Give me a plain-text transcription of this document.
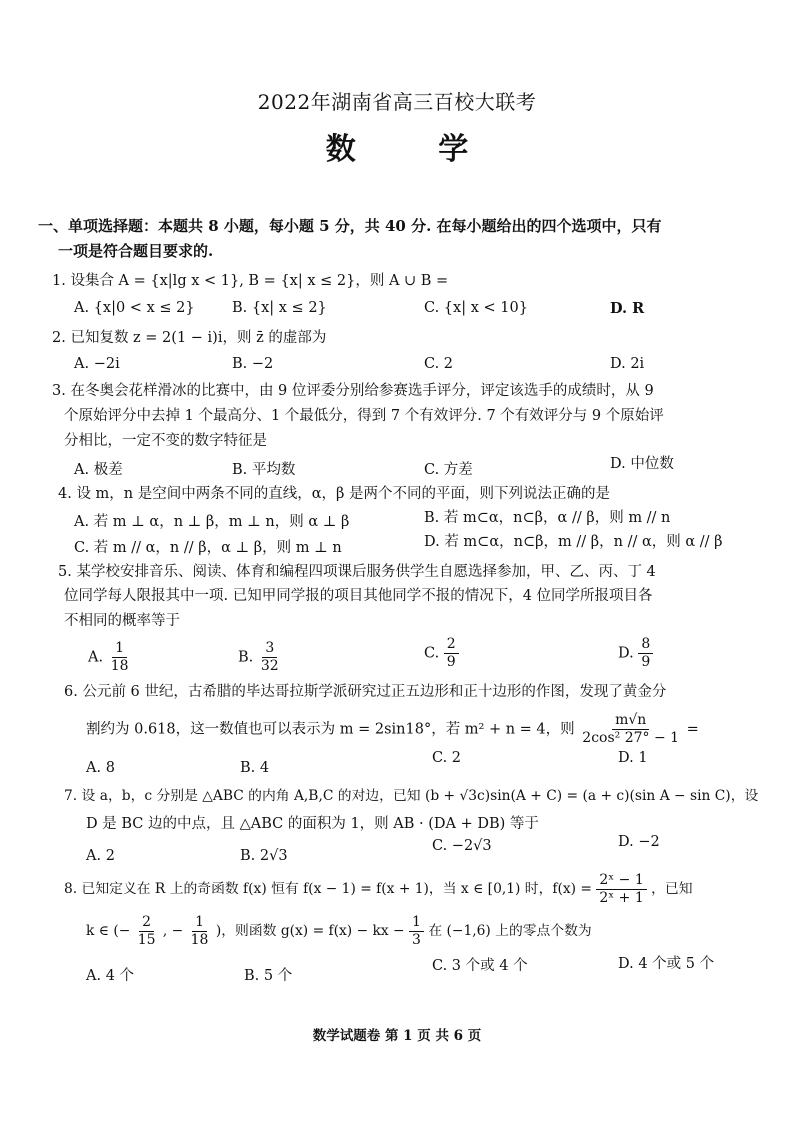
2022年湖南省高三百校大联考
数 学
一、单项选择题：本题共 8 小题，每小题 5 分，共 40 分. 在每小题给出的四个选项中，只有
一项是符合题目要求的.
1. 设集合 A = {x|lg x < 1}, B = {x| x ≤ 2}，则 A ∪ B =
A. {x|0 < x ≤ 2}	B. {x| x ≤ 2}	C. {x| x < 10}	D. R
2. 已知复数 z = 2(1 − i)i，则 z̄ 的虚部为
A. −2i	B. −2	C. 2	D. 2i
3. 在冬奥会花样滑冰的比赛中，由 9 位评委分别给参赛选手评分，评定该选手的成绩时，从 9
个原始评分中去掉 1 个最高分、1 个最低分，得到 7 个有效评分. 7 个有效评分与 9 个原始评
分相比，一定不变的数字特征是
A. 极差	B. 平均数	C. 方差	D. 中位数
4. 设 m，n 是空间中两条不同的直线，α，β 是两个不同的平面，则下列说法正确的是
A. 若 m ⊥ α，n ⊥ β，m ⊥ n，则 α ⊥ β	B. 若 m⊂α，n⊂β，α // β，则 m // n
C. 若 m // α，n // β，α ⊥ β，则 m ⊥ n	D. 若 m⊂α，n⊂β，m // β，n // α，则 α // β
5. 某学校安排音乐、阅读、体育和编程四项课后服务供学生自愿选择参加，甲、乙、丙、丁 4
位同学每人限报其中一项. 已知甲同学报的项目其他同学不报的情况下，4 位同学所报项目各
不相同的概率等于
A. $\frac{1}{18}$	B. $\frac{3}{32}$	C. $\frac{2}{9}$	D. $\frac{8}{9}$
6. 公元前 6 世纪，古希腊的毕达哥拉斯学派研究过正五边形和正十边形的作图，发现了黄金分
割约为 0.618，这一数值也可以表示为 m = 2sin18°，若 m² + n = 4，则 $\frac{m√n}{\text{2cos² 27° − 1}}$ =
A. 8	B. 4
C. 2	D. 1
7. 设 a，b，c 分别是 △ABC 的内角 A,B,C 的对边，已知 (b + √3c)sin(A + C) = (a + c)(sin A − sin C)，设
D 是 BC 边的中点，且 △ABC 的面积为 1，则 AB · (DA + DB) 等于
A. 2	B. 2√3
C. −2√3	D. −2
8. 已知定义在 R 上的奇函数 f(x) 恒有 f(x − 1) = f(x + 1)，当 x ∈ [0,1) 时，$f(x) = \frac{\text{2ˣ − 1}}{\text{2ˣ + 1}}$ ，已知
k ∈ (− $\frac{2}{15}$ , − $\frac{1}{18}$ )，则函数 g(x) = f(x) − kx − $\frac{1}{3}$ 在 (−1,6) 上的零点个数为
A. 4 个	B. 5 个
C. 3 个或 4 个	D. 4 个或 5 个
数学试题卷 第 1 页 共 6 页
